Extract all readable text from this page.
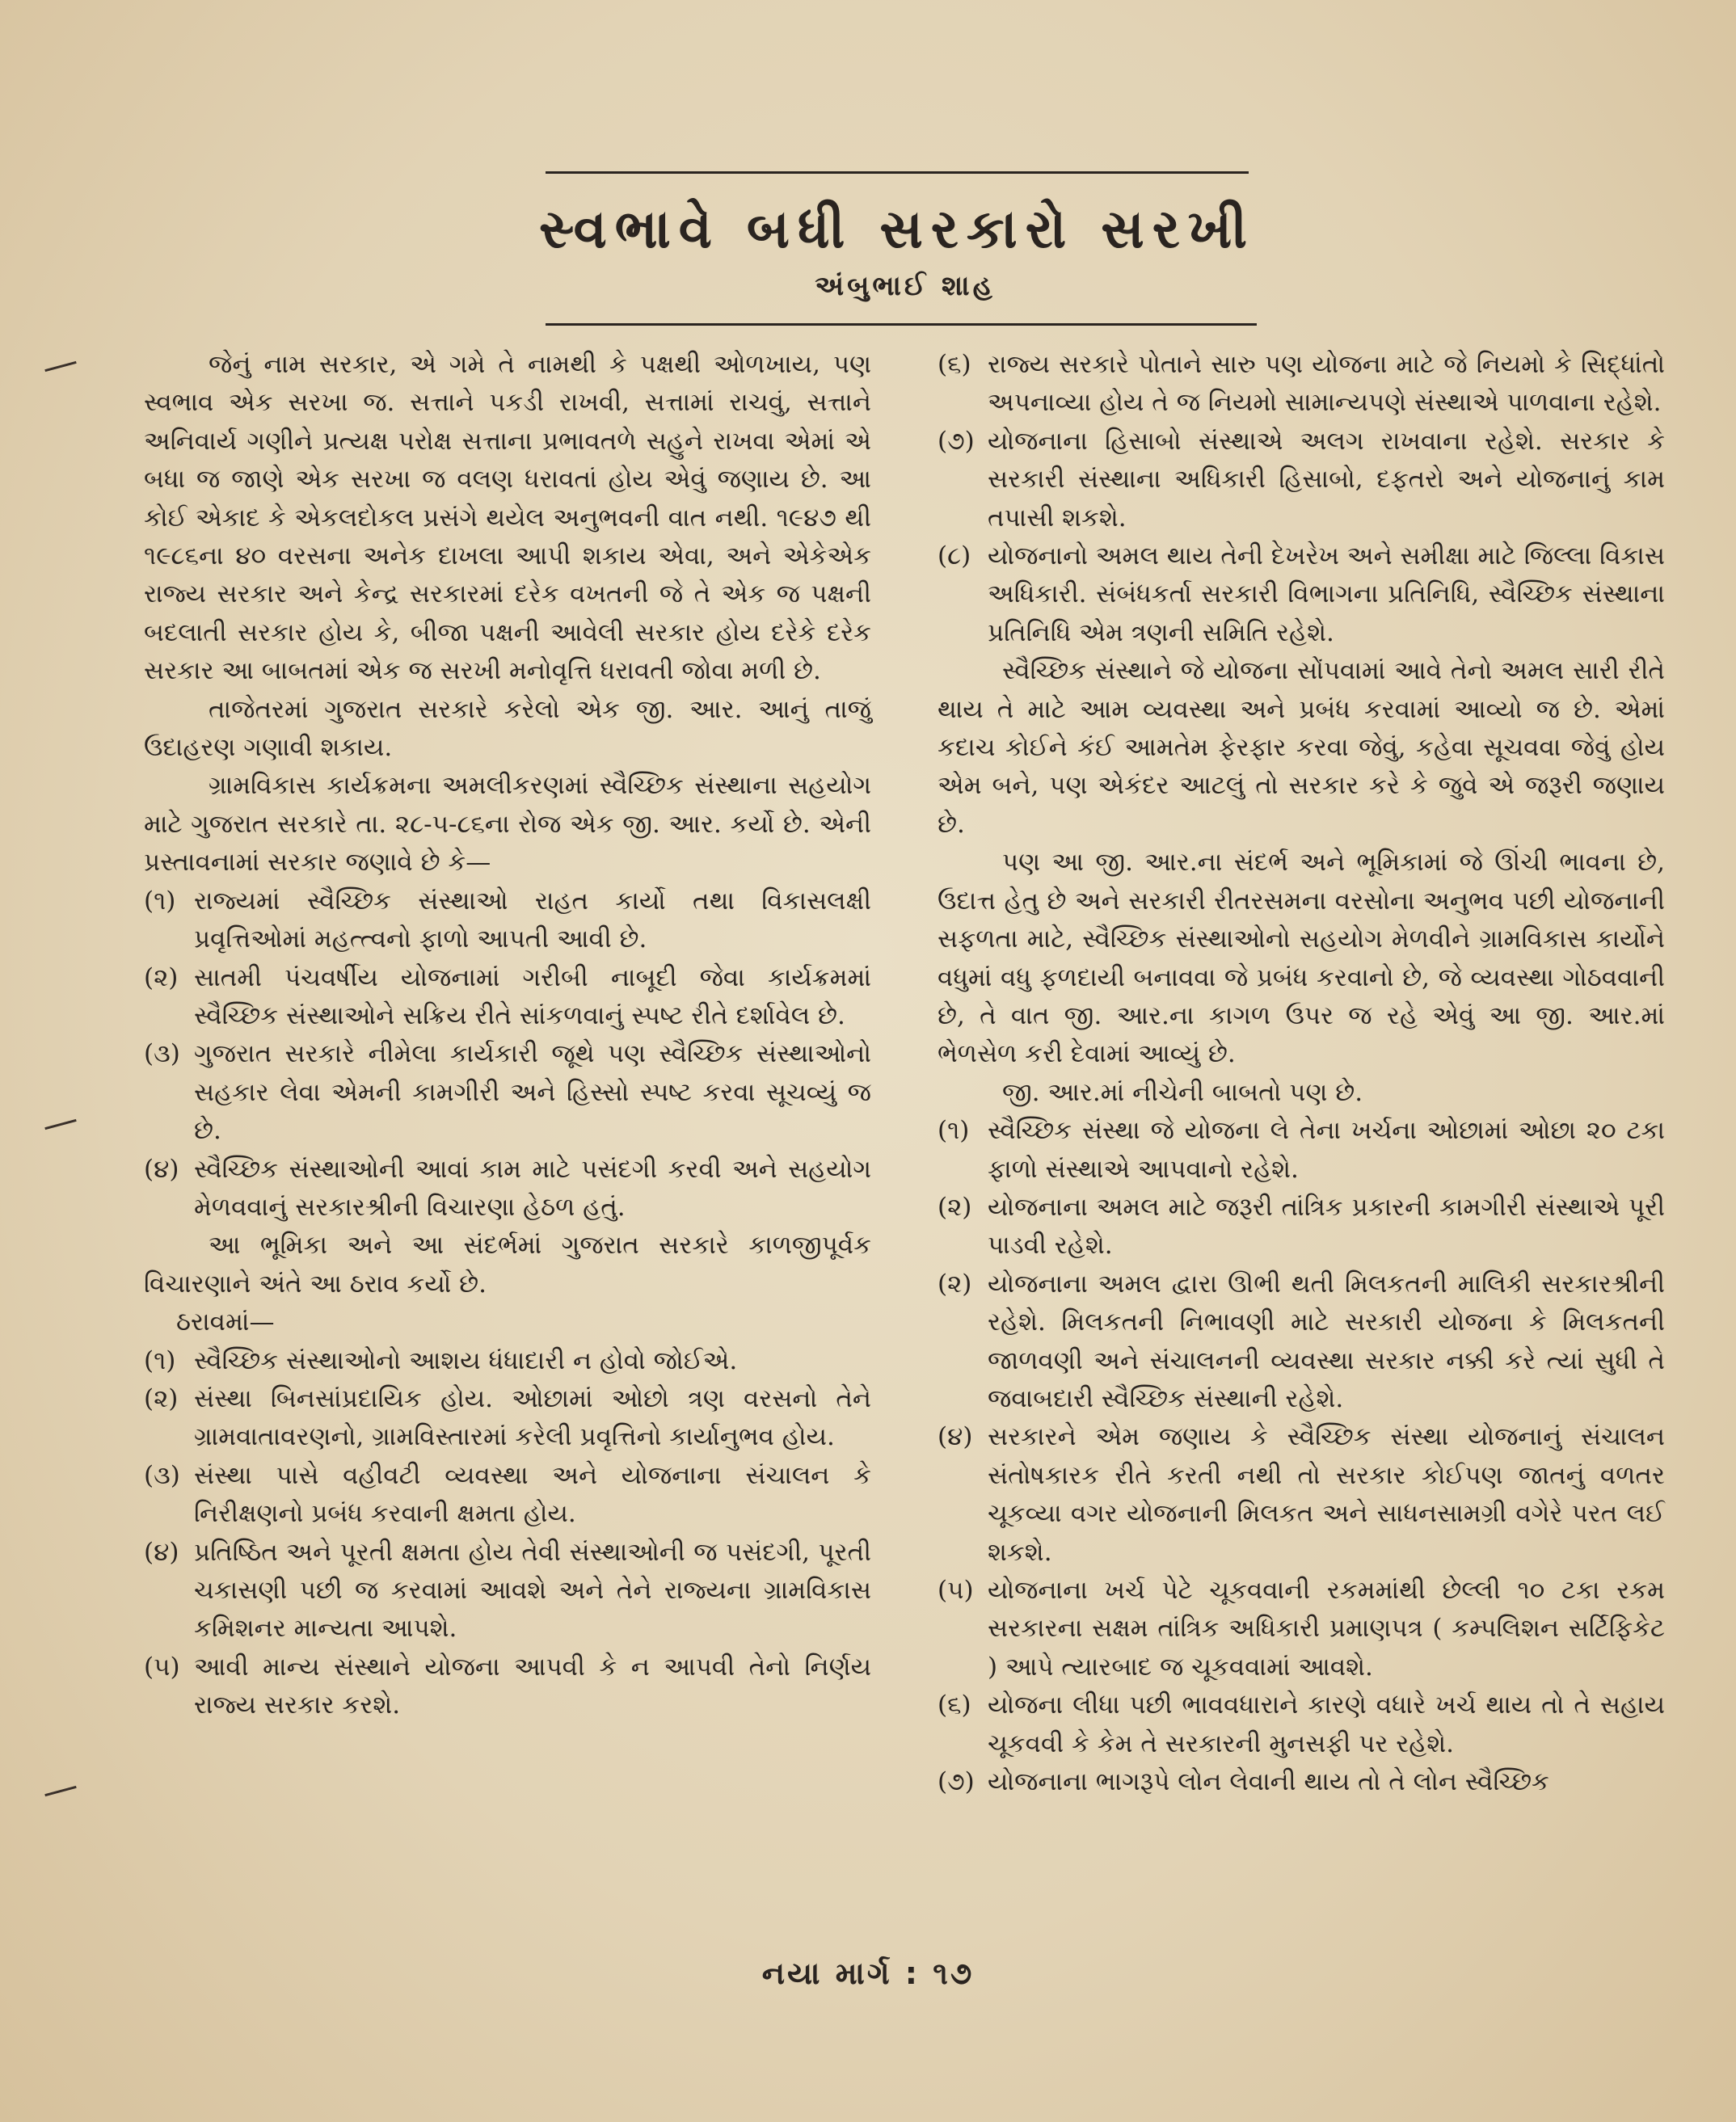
સ્વભાવે બધી સરકારો સરખી
અંબુભાઈ શાહ

જેનું નામ સરકાર, એ ગમે તે નામથી કે પક્ષથી ઓળખાય, પણ સ્વભાવ એક સરખા જ. સત્તાને પકડી રાખવી, સત્તામાં રાચવું, સત્તાને અનિવાર્ય ગણીને પ્રત્યક્ષ પરોક્ષ સત્તાના પ્રભાવતળે સહુને રાખવા એમાં એ બધા જ જાણે એક સરખા જ વલણ ધરાવતાં હોય એવું જણાય છે. આ કોઈ એકાદ કે એકલદોકલ પ્રસંગે થયેલ અનુભવની વાત નથી. ૧૯૪૭ થી ૧૯૮૬ના ૪૦ વરસના અનેક દાખલા આપી શકાય એવા, અને એકેએક રાજ્ય સરકાર અને કેન્દ્ર સરકારમાં દરેક વખતની જે તે એક જ પક્ષની બદલાતી સરકાર હોય કે, બીજા પક્ષની આવેલી સરકાર હોય દરેકે દરેક સરકાર આ બાબતમાં એક જ સરખી મનોવૃત્તિ ધરાવતી જોવા મળી છે.

તાજેતરમાં ગુજરાત સરકારે કરેલો એક જી. આર. આનું તાજું ઉદાહરણ ગણાવી શકાય.

ગ્રામવિકાસ કાર્યક્રમના અમલીકરણમાં સ્વૈચ્છિક સંસ્થાના સહયોગ માટે ગુજરાત સરકારે તા. ૨૮-૫-૮૬ના રોજ એક જી. આર. કર્યો છે. એની પ્રસ્તાવનામાં સરકાર જણાવે છે કે—

(૧) રાજ્યમાં સ્વૈચ્છિક સંસ્થાઓ રાહત કાર્યો તથા વિકાસલક્ષી પ્રવૃત્તિઓમાં મહત્ત્વનો ફાળો આપતી આવી છે.
(૨) સાતમી પંચવર્ષીય યોજનામાં ગરીબી નાબૂદી જેવા કાર્યક્રમમાં સ્વૈચ્છિક સંસ્થાઓને સક્રિય રીતે સાંકળવાનું સ્પષ્ટ રીતે દર્શાવેલ છે.
(૩) ગુજરાત સરકારે નીમેલા કાર્યકારી જૂથે પણ સ્વૈચ્છિક સંસ્થાઓનો સહકાર લેવા એમની કામગીરી અને હિસ્સો સ્પષ્ટ કરવા સૂચવ્યું જ છે.
(૪) સ્વૈચ્છિક સંસ્થાઓની આવાં કામ માટે પસંદગી કરવી અને સહયોગ મેળવવાનું સરકારશ્રીની વિચારણા હેઠળ હતું.

આ ભૂમિકા અને આ સંદર્ભમાં ગુજરાત સરકારે કાળજીપૂર્વક વિચારણાને અંતે આ ઠરાવ કર્યો છે.

ઠરાવમાં—

(૧) સ્વૈચ્છિક સંસ્થાઓનો આશય ધંધાદારી ન હોવો જોઈએ.
(૨) સંસ્થા બિનસાંપ્રદાયિક હોય. ઓછામાં ઓછો ત્રણ વરસનો તેને ગ્રામવાતાવરણનો, ગ્રામવિસ્તારમાં કરેલી પ્રવૃત્તિનો કાર્યાનુભવ હોય.
(૩) સંસ્થા પાસે વહીવટી વ્યવસ્થા અને યોજનાના સંચાલન કે નિરીક્ષણનો પ્રબંધ કરવાની ક્ષમતા હોય.
(૪) પ્રતિષ્ઠિત અને પૂરતી ક્ષમતા હોય તેવી સંસ્થાઓની જ પસંદગી, પૂરતી ચકાસણી પછી જ કરવામાં આવશે અને તેને રાજ્યના ગ્રામવિકાસ કમિશનર માન્યતા આપશે.
(૫) આવી માન્ય સંસ્થાને યોજના આપવી કે ન આપવી તેનો નિર્ણય રાજ્ય સરકાર કરશે.
(૬) રાજ્ય સરકારે પોતાને સારુ પણ યોજના માટે જે નિયમો કે સિદ્ધાંતો અપનાવ્યા હોય તે જ નિયમો સામાન્યપણે સંસ્થાએ પાળવાના રહેશે.
(૭) યોજનાના હિસાબો સંસ્થાએ અલગ રાખવાના રહેશે. સરકાર કે સરકારી સંસ્થાના અધિકારી હિસાબો, દફતરો અને યોજનાનું કામ તપાસી શકશે.
(૮) યોજનાનો અમલ થાય તેની દેખરેખ અને સમીક્ષા માટે જિલ્લા વિકાસ અધિકારી. સંબંધકર્તા સરકારી વિભાગના પ્રતિનિધિ, સ્વૈચ્છિક સંસ્થાના પ્રતિનિધિ એમ ત્રણની સમિતિ રહેશે.

સ્વૈચ્છિક સંસ્થાને જે યોજના સોંપવામાં આવે તેનો અમલ સારી રીતે થાય તે માટે આમ વ્યવસ્થા અને પ્રબંધ કરવામાં આવ્યો જ છે. એમાં કદાચ કોઈને કંઈ આમતેમ ફેરફાર કરવા જેવું, કહેવા સૂચવવા જેવું હોય એમ બને, પણ એકંદર આટલું તો સરકાર કરે કે જુવે એ જરૂરી જણાય છે.

પણ આ જી. આર.ના સંદર્ભ અને ભૂમિકામાં જે ઊંચી ભાવના છે, ઉદાત્ત હેતુ છે અને સરકારી રીતરસમના વરસોના અનુભવ પછી યોજનાની સફળતા માટે, સ્વૈચ્છિક સંસ્થાઓનો સહયોગ મેળવીને ગ્રામવિકાસ કાર્યોને વધુમાં વધુ ફળદાયી બનાવવા જે પ્રબંધ કરવાનો છે, જે વ્યવસ્થા ગોઠવવાની છે, તે વાત જી. આર.ના કાગળ ઉપર જ રહે એવું આ જી. આર.માં ભેળસેળ કરી દેવામાં આવ્યું છે.

જી. આર.માં નીચેની બાબતો પણ છે.

(૧) સ્વૈચ્છિક સંસ્થા જે યોજના લે તેના ખર્ચના ઓછામાં ઓછા ૨૦ ટકા ફાળો સંસ્થાએ આપવાનો રહેશે.
(૨) યોજનાના અમલ માટે જરૂરી તાંત્રિક પ્રકારની કામગીરી સંસ્થાએ પૂરી પાડવી રહેશે.
(૨) યોજનાના અમલ દ્વારા ઊભી થતી મિલકતની માલિકી સરકારશ્રીની રહેશે. મિલકતની નિભાવણી માટે સરકારી યોજના કે મિલકતની જાળવણી અને સંચાલનની વ્યવસ્થા સરકાર નક્કી કરે ત્યાં સુધી તે જવાબદારી સ્વૈચ્છિક સંસ્થાની રહેશે.
(૪) સરકારને એમ જણાય કે સ્વૈચ્છિક સંસ્થા યોજનાનું સંચાલન સંતોષકારક રીતે કરતી નથી તો સરકાર કોઈપણ જાતનું વળતર ચૂકવ્યા વગર યોજનાની મિલકત અને સાધનસામગ્રી વગેરે પરત લઈ શકશે.
(૫) યોજનાના ખર્ચ પેટે ચૂકવવાની રકમમાંથી છેલ્લી ૧૦ ટકા રકમ સરકારના સક્ષમ તાંત્રિક અધિકારી પ્રમાણપત્ર ( કમ્પલિશન સર્ટિફિકેટ ) આપે ત્યારબાદ જ ચૂકવવામાં આવશે.
(૬) યોજના લીધા પછી ભાવવધારાને કારણે વધારે ખર્ચ થાય તો તે સહાય ચૂકવવી કે કેમ તે સરકારની મુનસફી પર રહેશે.
(૭) યોજનાના ભાગરૂપે લોન લેવાની થાય તો તે લોન સ્વૈચ્છિક
નયા માર્ગ : ૧૭
